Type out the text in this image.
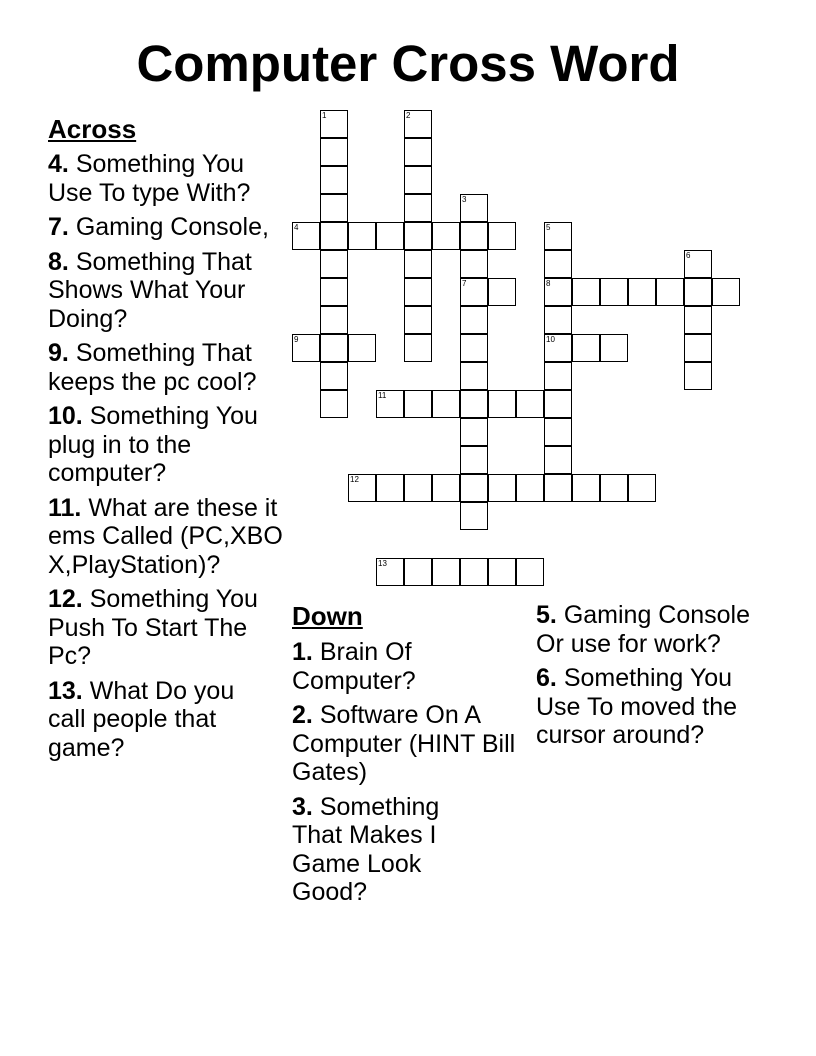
Computer Cross Word
Across
4. Something You Use To type With?
7. Gaming Console,
8. Something That Shows What Your Doing?
9. Something That keeps the pc cool?
10. Something You plug in to the computer?
11. What are these items Called (PC,XBOX,PlayStation)?
12. Something You Push To Start The Pc?
13. What Do you call people that game?
Down
1. Brain Of Computer?
2. Software On A Computer (HINT Bill Gates)
3. Something That Makes I Game Look Good?
5. Gaming Console Or use for work?
6. Something You Use To moved the cursor around?
1	2
3
7
4	5
8
10
6
9
11
12
13
